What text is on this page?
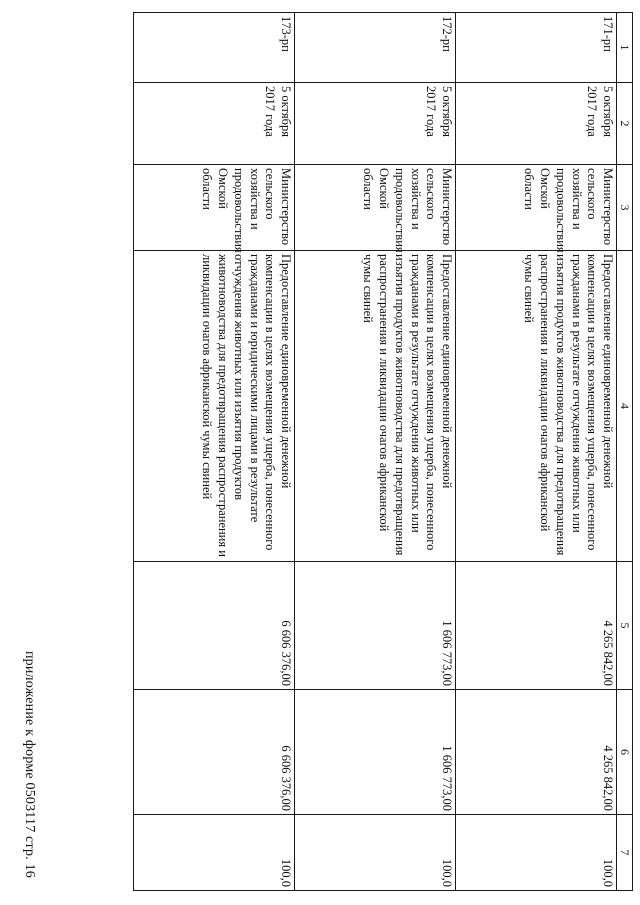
1	2	3	4	5	6	7
171-рп	5 октября 2017 года	Министерство сельского хозяйства и продовольствия Омской области	Предоставление единовременной денежной компенсации в целях возмещения ущерба, понесенного гражданами в результате отчуждения животных или изъятия продуктов животноводства для предотвращения распространения и ликвидации очагов африканской чумы свиней	4 265 842,00	4 265 842,00	100,0
172-рп	5 октября 2017 года	Министерство сельского хозяйства и продовольствия Омской области	Предоставление единовременной денежной компенсации в целях возмещения ущерба, понесенного гражданами в результате отчуждения животных или изъятия продуктов животноводства для предотвращения распространения и ликвидации очагов африканской чумы свиней	1 606 773,00	1 606 773,00	100,0
173-рп	5 октября 2017 года	Министерство сельского хозяйства и продовольствия Омской области	Предоставление единовременной денежной компенсации в целях возмещения ущерба, понесенного гражданами и юридическими лицами в результате отчуждения животных или изъятия продуктов животноводства для предотвращения распространения и ликвидации очагов африканской чумы свиней	6 606 376,00	6 606 376,00	100,0
приложение к форме 0503117 стр. 16
